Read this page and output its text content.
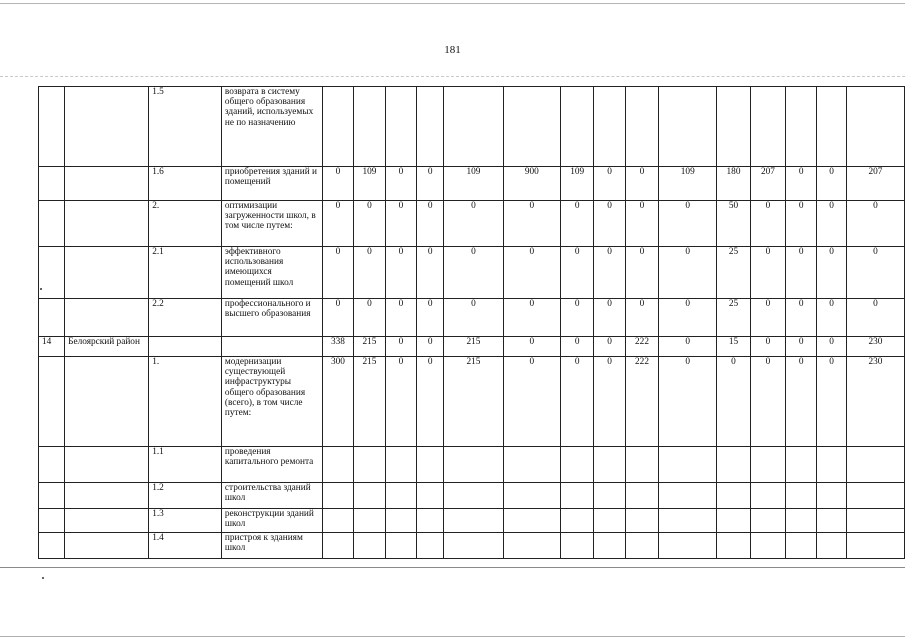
181
		1.5	возврата в систему общего образования зданий, используемых не по назначению															
		1.6	приобретения зданий и помещений	0	109	0	0	109	900	109	0	0	109	180	207	0	0	207
		2.	оптимизации загруженности школ, в том числе путем:	0	0	0	0	0	0	0	0	0	0	50	0	0	0	0
		2.1	эффективного использования имеющихся помещений школ	0	0	0	0	0	0	0	0	0	0	25	0	0	0	0
		2.2	профессионального и высшего образования	0	0	0	0	0	0	0	0	0	0	25	0	0	0	0
14	Белоярский район			338	215	0	0	215	0	0	0	222	0	15	0	0	0	230
		1.	модернизации существующей инфраструктуры общего образования (всего), в том числе путем:	300	215	0	0	215	0	0	0	222	0	0	0	0	0	230
		1.1	проведения капитального ремонта															
		1.2	строительства зданий школ															
		1.3	реконструкции зданий школ															
		1.4	пристроя к зданиям школ															
